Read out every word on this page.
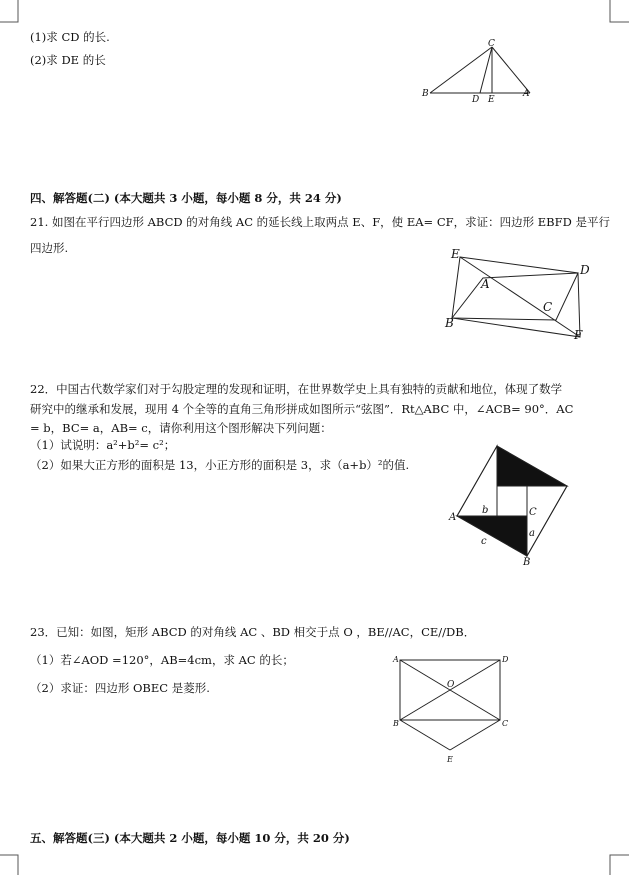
(1)求 CD 的长.
(2)求 DE 的长
C
B
D E
A
四、解答题(二) (本大题共 3 小题，每小题 8 分，共 24 分)
21. 如图在平行四边形 ABCD 的对角线 AC 的延长线上取两点 E、F，使 EA= CF，求证：四边形 EBFD 是平行
四边形.	E
D
A
C
B
F
22．中国古代数学家们对于勾股定理的发现和证明，在世界数学史上具有独特的贡献和地位，体现了数学
研究中的继承和发展，现用 4 个全等的直角三角形拼成如图所示“弦图”．Rt△ABC 中，∠ACB= 90°．AC
= b，BC= a，AB= c，请你利用这个图形解决下列问题：
（1）试说明：a²+b²= c²；
（2）如果大正方形的面积是 13，小正方形的面积是 3，求（a+b）²的值.
A
b	C
a
c
B
23．已知：如图，矩形 ABCD 的对角线 AC 、BD 相交于点 O ，BE//AC，CE//DB．
（1）若∠AOD =120°，AB=4cm，求 AC 的长；
（2）求证：四边形 OBEC 是菱形.
A	D
O
B	C
E
五、解答题(三) (本大题共 2 小题，每小题 10 分，共 20 分)
